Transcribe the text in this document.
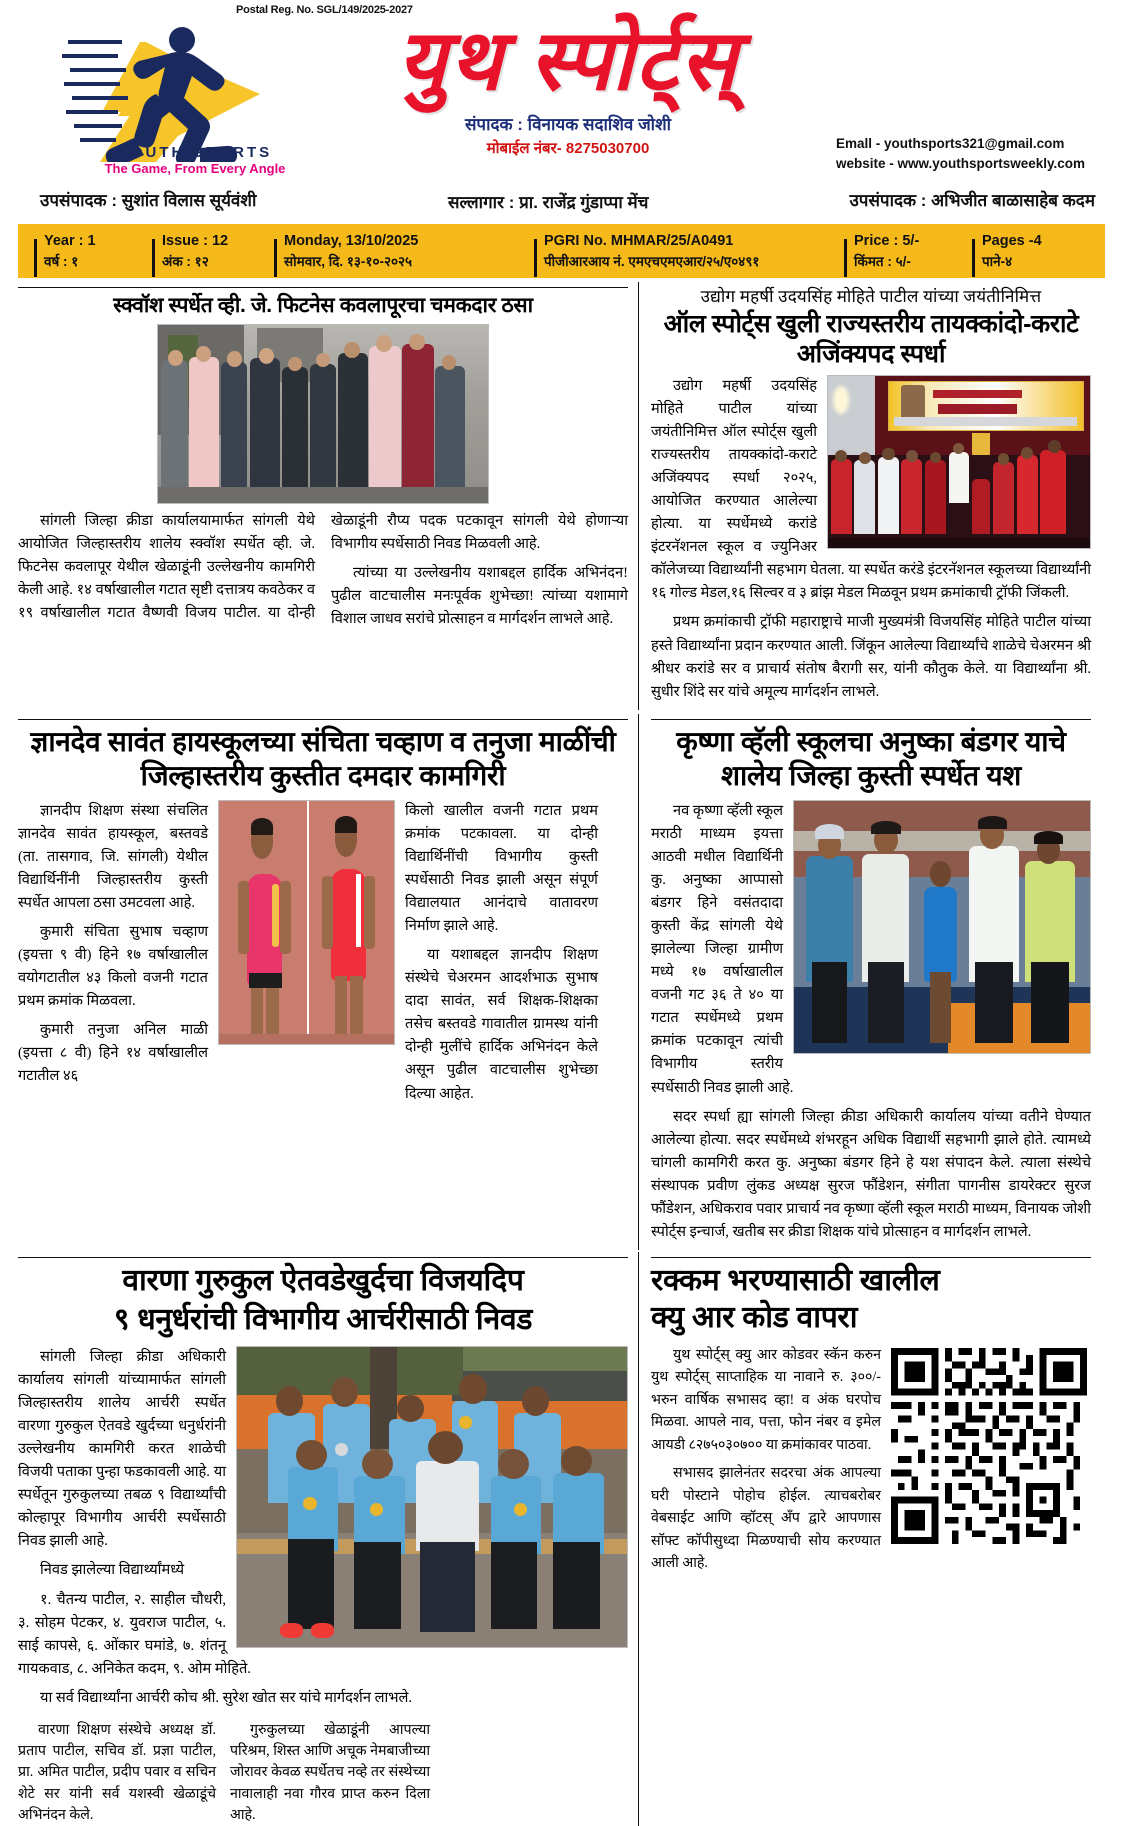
Postal Reg. No. SGL/149/2025-2027
YOUTH SPORTS
The Game, From Every Angle
युथ स्पोर्ट्स्
संपादक : विनायक सदाशिव जोशी
मोबाईल नंबर- 8275030700	Emall - youthsports321@gmail.com
website - www.youthsportsweekly.com
उपसंपादक : सुशांत विलास सूर्यवंशी	सल्लागार : प्रा. राजेंद्र गुंडाप्पा मेंच	उपसंपादक : अभिजीत बाळासाहेब कदम
Year : 1
वर्ष : १
Issue : 12
अंक : १२
Monday, 13/10/2025
सोमवार, दि. १३-१०-२०२५
PGRI No. MHMAR/25/A0491
पीजीआरआय नं. एमएचएमएआर/२५/ए०४९१
Price : 5/-
किंमत : ५/-
Pages -4
पाने-४
स्क्वॉश स्पर्धेत व्ही. जे. फिटनेस कवलापूरचा चमकदार ठसा

सांगली जिल्हा क्रीडा कार्यालयामार्फत सांगली येथे आयोजित जिल्हास्तरीय शालेय स्क्वॉश स्पर्धेत व्ही. जे. फिटनेस कवलापूर येथील खेळाडूंनी उल्लेखनीय कामगिरी केली आहे. १४ वर्षाखालील गटात सृष्टी दत्तात्रय कवठेकर व १९ वर्षाखालील गटात वैष्णवी विजय पाटील. या दोन्ही खेळाडूंनी रौप्य पदक पटकावून सांगली येथे होणाऱ्या विभागीय स्पर्धेसाठी निवड मिळवली आहे.

त्यांच्या या उल्लेखनीय यशाबद्दल हार्दिक अभिनंदन! पुढील वाटचालीस मनःपूर्वक शुभेच्छा! त्यांच्या यशामागे विशाल जाधव सरांचे प्रोत्साहन व मार्गदर्शन लाभले आहे.

उद्योग महर्षी उदयसिंह मोहिते पाटील यांच्या जयंतीनिमित्त
ऑल स्पोर्ट्स खुली राज्यस्तरीय तायक्कांदो-कराटे अजिंक्यपद स्पर्धा

उद्योग महर्षी उदयसिंह मोहिते पाटील यांच्या जयंतीनिमित्त ऑल स्पोर्ट्स खुली राज्यस्तरीय तायक्कांदो-कराटे अजिंक्यपद स्पर्धा २०२५, आयोजित करण्यात आलेल्या होत्या. या स्पर्धेमध्ये करांडे इंटरनॅशनल स्कूल व ज्युनिअर कॉलेजच्या विद्यार्थ्यांनी सहभाग घेतला. या स्पर्धेत करंडे इंटरनॅशनल स्कूलच्या विद्यार्थ्यांनी १६ गोल्ड मेडल,१६ सिल्वर व ३ ब्रांझ मेडल मिळवून प्रथम क्रमांकाची ट्रॉफी जिंकली.

प्रथम क्रमांकाची ट्रॉफी महाराष्ट्राचे माजी मुख्यमंत्री विजयसिंह मोहिते पाटील यांच्या हस्ते विद्यार्थ्यांना प्रदान करण्यात आली. जिंकून आलेल्या विद्यार्थ्यांचे शाळेचे चेअरमन श्री श्रीधर करांडे सर व प्राचार्य संतोष बैरागी सर, यांनी कौतुक केले. या विद्यार्थ्यांना श्री. सुधीर शिंदे सर यांचे अमूल्य मार्गदर्शन लाभले.

ज्ञानदेव सावंत हायस्कूलच्या संचिता चव्हाण व तनुजा माळींची जिल्हास्तरीय कुस्तीत दमदार कामगिरी

ज्ञानदीप शिक्षण संस्था संचलित ज्ञानदेव सावंत हायस्कूल, बस्तवडे (ता. तासगाव, जि. सांगली) येथील विद्यार्थिनींनी जिल्हास्तरीय कुस्ती स्पर्धेत आपला ठसा उमटवला आहे.

कुमारी संचिता सुभाष चव्हाण (इयत्ता ९ वी) हिने १७ वर्षाखालील वयोगटातील ४३ किलो वजनी गटात प्रथम क्रमांक मिळवला.

कुमारी तनुजा अनिल माळी (इयत्ता ८ वी) हिने १४ वर्षाखालील गटातील ४६

किलो खालील वजनी गटात प्रथम क्रमांक पटकावला. या दोन्ही विद्यार्थिनींची विभागीय कुस्ती स्पर्धेसाठी निवड झाली असून संपूर्ण विद्यालयात आनंदाचे वातावरण निर्माण झाले आहे.

या यशाबद्दल ज्ञानदीप शिक्षण संस्थेचे चेअरमन आदर्शभाऊ सुभाष दादा सावंत, सर्व शिक्षक-शिक्षका तसेच बस्तवडे गावातील ग्रामस्थ यांनी दोन्ही मुलींचे हार्दिक अभिनंदन केले असून पुढील वाटचालीस शुभेच्छा दिल्या आहेत.

कृष्णा व्हॅली स्कूलचा अनुष्का बंडगर याचे शालेय जिल्हा कुस्ती स्पर्धेत यश

नव कृष्णा व्हॅली स्कूल मराठी माध्यम इयत्ता आठवी मधील विद्यार्थिनी कु. अनुष्का आप्पासो बंडगर हिने वसंतदादा कुस्ती केंद्र सांगली येथे झालेल्या जिल्हा ग्रामीण मध्ये १७ वर्षाखालील वजनी गट ३६ ते ४० या गटात स्पर्धेमध्ये प्रथम क्रमांक पटकावून त्यांची विभागीय स्तरीय स्पर्धेसाठी निवड झाली आहे.

सदर स्पर्धा ह्या सांगली जिल्हा क्रीडा अधिकारी कार्यालय यांच्या वतीने घेण्यात आलेल्या होत्या. सदर स्पर्धेमध्ये शंभरहून अधिक विद्यार्थी सहभागी झाले होते. त्यामध्ये चांगली कामगिरी करत कु. अनुष्का बंडगर हिने हे यश संपादन केले. त्याला संस्थेचे संस्थापक प्रवीण लुंकड अध्यक्ष सुरज फौंडेशन, संगीता पागनीस डायरेक्टर सुरज फौंडेशन, अधिकराव पवार प्राचार्य नव कृष्णा व्हॅली स्कूल मराठी माध्यम, विनायक जोशी स्पोर्ट्स इन्चार्ज, खतीब सर क्रीडा शिक्षक यांचे प्रोत्साहन व मार्गदर्शन लाभले.

वारणा गुरुकुल ऐतवडेखुर्दचा विजयदिप
९ धनुर्धरांची विभागीय आर्चरीसाठी निवड

सांगली जिल्हा क्रीडा अधिकारी कार्यालय सांगली यांच्यामार्फत सांगली जिल्हास्तरीय शालेय आर्चरी स्पर्धेत वारणा गुरुकुल ऐतवडे खुर्दच्या धनुर्धरांनी उल्लेखनीय कामगिरी करत शाळेची विजयी पताका पुन्हा फडकावली आहे. या स्पर्धेतून गुरुकुलच्या तबळ ९ विद्यार्थ्यांची कोल्हापूर विभागीय आर्चरी स्पर्धेसाठी निवड झाली आहे.

निवड झालेल्या विद्यार्थ्यांमध्ये

१. चैतन्य पाटील, २. साहील चौधरी, ३. सोहम पेटकर, ४. युवराज पाटील, ५. साई कापसे, ६. ओंकार घमांडे, ७. शंतनू गायकवाड, ८. अनिकेत कदम, ९. ओम मोहिते.

या सर्व विद्यार्थ्यांना आर्चरी कोच श्री. सुरेश खोत सर यांचे मार्गदर्शन लाभले.

वारणा शिक्षण संस्थेचे अध्यक्ष डॉ. प्रताप पाटील, सचिव डॉ. प्रज्ञा पाटील, प्रा. अमित पाटील, प्रदीप पवार व सचिन शेटे सर यांनी सर्व यशस्वी खेळाडूंचे अभिनंदन केले.
गुरुकुलच्या खेळाडूंनी आपल्या परिश्रम, शिस्त आणि अचूक नेमबाजीच्या जोरावर केवळ स्पर्धेतच नव्हे तर संस्थेच्या नावालाही नवा गौरव प्राप्त करुन दिला आहे.
रक्कम भरण्यासाठी खालील
क्यु आर कोड वापरा

युथ स्पोर्ट्स् क्यु आर कोडवर स्कॅन करुन युथ स्पोर्ट्स् साप्ताहिक या नावाने रु. ३००/- भरुन वार्षिक सभासद व्हा! व अंक घरपोच मिळवा. आपले नाव, पत्ता, फोन नंबर व इमेल आयडी ८२७५०३०७०० या क्रमांकावर पाठवा.

सभासद झालेनंतर सदरचा अंक आपल्या घरी पोस्टाने पोहोच होईल. त्याचबरोबर वेबसाईट आणि व्हॉटस् अँप द्वारे आपणास सॉफ्ट कॉपीसुध्दा मिळण्याची सोय करण्यात आली आहे.
